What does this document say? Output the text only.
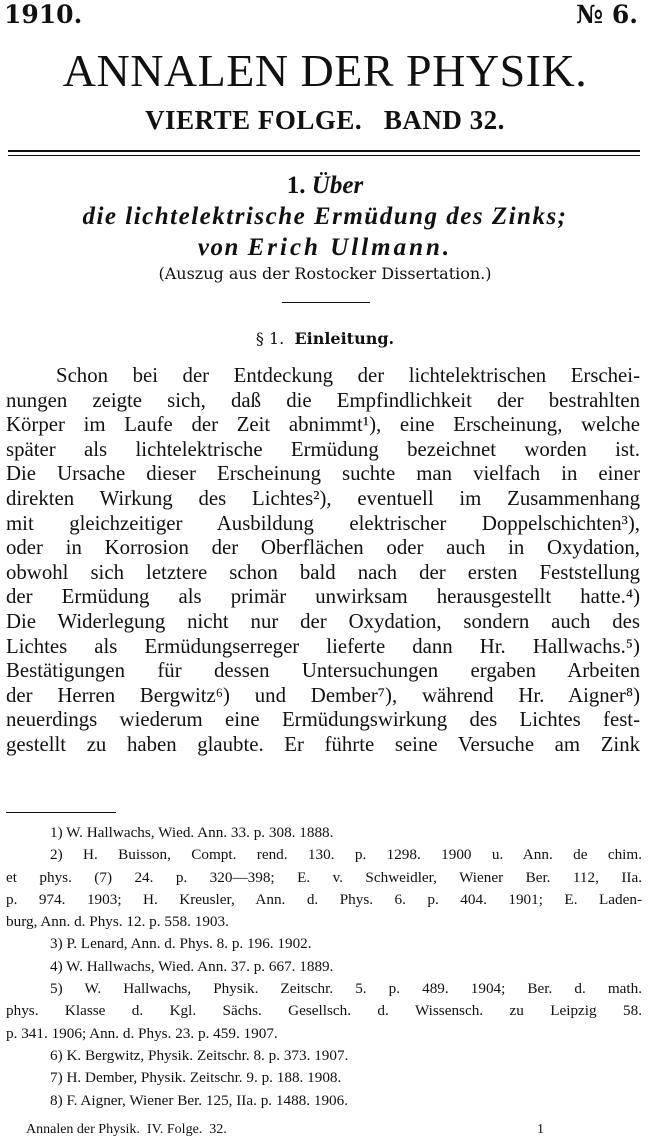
1910.	№ 6.
ANNALEN DER PHYSIK.
VIERTE FOLGE.   BAND 32.
1. Über
die lichtelektrische Ermüdung des Zinks;
von Erich Ullmann.
(Auszug aus der Rostocker Dissertation.)
§ 1. Einleitung.
Schon bei der Entdeckung der lichtelektrischen Erschei-
nungen zeigte sich, daß die Empfindlichkeit der bestrahlten
Körper im Laufe der Zeit abnimmt¹), eine Erscheinung, welche
später als lichtelektrische Ermüdung bezeichnet worden ist.
Die Ursache dieser Erscheinung suchte man vielfach in einer
direkten Wirkung des Lichtes²), eventuell im Zusammenhang
mit gleichzeitiger Ausbildung elektrischer Doppelschichten³),
oder in Korrosion der Oberflächen oder auch in Oxydation,
obwohl sich letztere schon bald nach der ersten Feststellung
der Ermüdung als primär unwirksam herausgestellt hatte.⁴)
Die Widerlegung nicht nur der Oxydation, sondern auch des
Lichtes als Ermüdungserreger lieferte dann Hr. Hallwachs.⁵)
Bestätigungen für dessen Untersuchungen ergaben Arbeiten
der Herren Bergwitz⁶) und Dember⁷), während Hr. Aigner⁸)
neuerdings wiederum eine Ermüdungswirkung des Lichtes fest-
gestellt zu haben glaubte. Er führte seine Versuche am Zink
1) W. Hallwachs, Wied. Ann. 33. p. 308. 1888.
2) H. Buisson, Compt. rend. 130. p. 1298. 1900 u. Ann. de chim.
et phys. (7) 24. p. 320—398; E. v. Schweidler, Wiener Ber. 112, IIa.
p. 974. 1903; H. Kreusler, Ann. d. Phys. 6. p. 404. 1901; E. Laden-
burg, Ann. d. Phys. 12. p. 558. 1903.
3) P. Lenard, Ann. d. Phys. 8. p. 196. 1902.
4) W. Hallwachs, Wied. Ann. 37. p. 667. 1889.
5) W. Hallwachs, Physik. Zeitschr. 5. p. 489. 1904; Ber. d. math.
phys. Klasse d. Kgl. Sächs. Gesellsch. d. Wissensch. zu Leipzig 58.
p. 341. 1906; Ann. d. Phys. 23. p. 459. 1907.
6) K. Bergwitz, Physik. Zeitschr. 8. p. 373. 1907.
7) H. Dember, Physik. Zeitschr. 9. p. 188. 1908.
8) F. Aigner, Wiener Ber. 125, IIa. p. 1488. 1906.
Annalen der Physik.  IV. Folge.  32.	1
